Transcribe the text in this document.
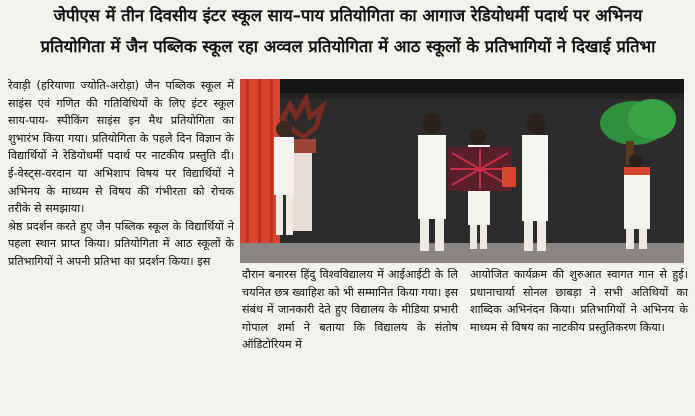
जेपीएस में तीन दिवसीय इंटर स्कूल साय–पाय प्रतियोगिता का आगाज रेडियोधर्मी पदार्थ पर अभिनय
प्रतियोगिता में जैन पब्लिक स्कूल रहा अव्वल प्रतियोगिता में आठ स्कूलों के प्रतिभागियों ने दिखाई प्रतिभा

रेवाड़ी (हरियाणा ज्योति-अरोड़ा) जैन पब्लिक स्कूल में साइंस एवं गणित की गतिविधियों के लिए इंटर स्कूल साय-पाय- स्पीकिंग साइंस इन मैथ प्रतियोगिता का शुभारंभ किया गया। प्रतियोगिता के पहले दिन विज्ञान के विद्यार्थियों ने रेडियोधर्मी पदार्थ पर नाटकीय प्रस्तुति दी। ई-वेस्ट्स-वरदान या अभिशाप विषय पर विद्यार्थियों ने अभिनय के माध्यम से विषय की गंभीरता को रोचक तरीके से समझाया।

श्रेष्ठ प्रदर्शन करते हुए जैन पब्लिक स्कूल के विद्यार्थियों ने पहला स्थान प्राप्त किया। प्रतियोगिता में आठ स्कूलों के प्रतिभागियों ने अपनी प्रतिभा का प्रदर्शन किया। इस

दौरान बनारस हिंदु विश्वविद्यालय में आईआईटी के लि चयनित छत्र ख्वाहिश को भी सम्मानित किया गया। इस संबंध में जानकारी देते हुए विद्यालय के मीडिया प्रभारी गोपाल शर्मा ने बताया कि विद्यालय के संतोष ऑडिटोरियम में

आयोजित कार्यक्रम की शुरुआत स्वागत गान से हुई। प्रधानाचार्या सोनल छाबड़ा ने सभी अतिथियों का शाब्दिक अभिनंदन किया। प्रतिभागियों ने अभिनय के माध्यम से विषय का नाटकीय प्रस्तुतिकरण किया।
